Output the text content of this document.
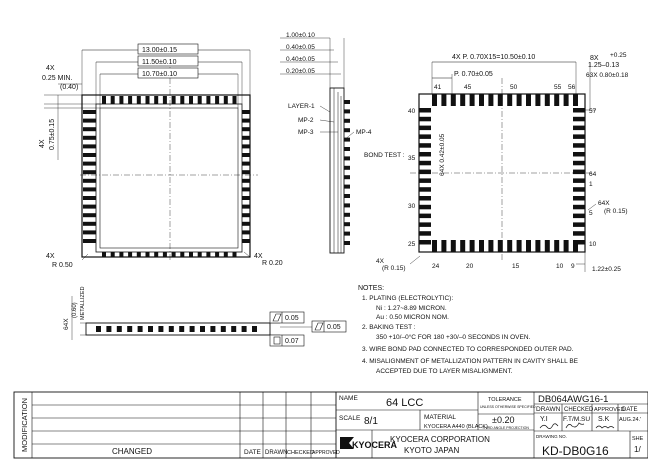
13.00±0.15
11.50±0.10
10.70±0.10
4X
0.25 MIN.
(0.40)
4X 0.75±0.15
4X
R 0.50
4X
R 0.20
1.00±0.10
0.40±0.05
0.40±0.05
0.20±0.05
LAYER-1
MP-2
MP-3	MP-4
4X P. 0.70X15=10.50±0.10
P. 0.70±0.05
8X +0.25
1.25–0.13
63X 0.80±0.18
41	45	50	55 56
40
35
30
25
57
64
1
5
10
24	20	15	10 9
64X 0.42±0.05
BOND TEST :
1.22±0.25
64X
(R 0.15)
4X
(R 0.15)
64X
(0.60) METALLIZED	0.05
0.05
0.07
NOTES:
1. PLATING (ELECTROLYTIC):
Ni : 1.27~8.89 MICRON.
Au : 0.50 MICRON NOM.
2. BAKING TEST :
350 +10/–0°C FOR 180 +30/–0 SECONDS IN OVEN.
3. WIRE BOND PAD CONNECTED TO CORRESPONDED OUTER PAD.
4. MISALIGNMENT OF METALLIZATION PATTERN IN CAVITY SHALL BE
ACCEPTED DUE TO LAYER MISALIGNMENT.
MODIFICATION	CHANGED	DATE DRAWN CHECKED
APPROVED
NAME	64 LCC
SCALE 8/1	MATERIAL
KYOCERA A440 (BLACK)
TOLERANCE
UNLESS OTHERWISE SPECIFIED
±0.20
THIRD ANGLE PROJECTION
KYOCERA
KYOCERA CORPORATION
KYOTO JAPAN
DB064AWG16-1
DRAWN CHECKED APPROVED
DATE
Y.I F.T/M.SU S.K AUG.24.'
DRAWING NO.
KD-DB0G16
SHE
1/
